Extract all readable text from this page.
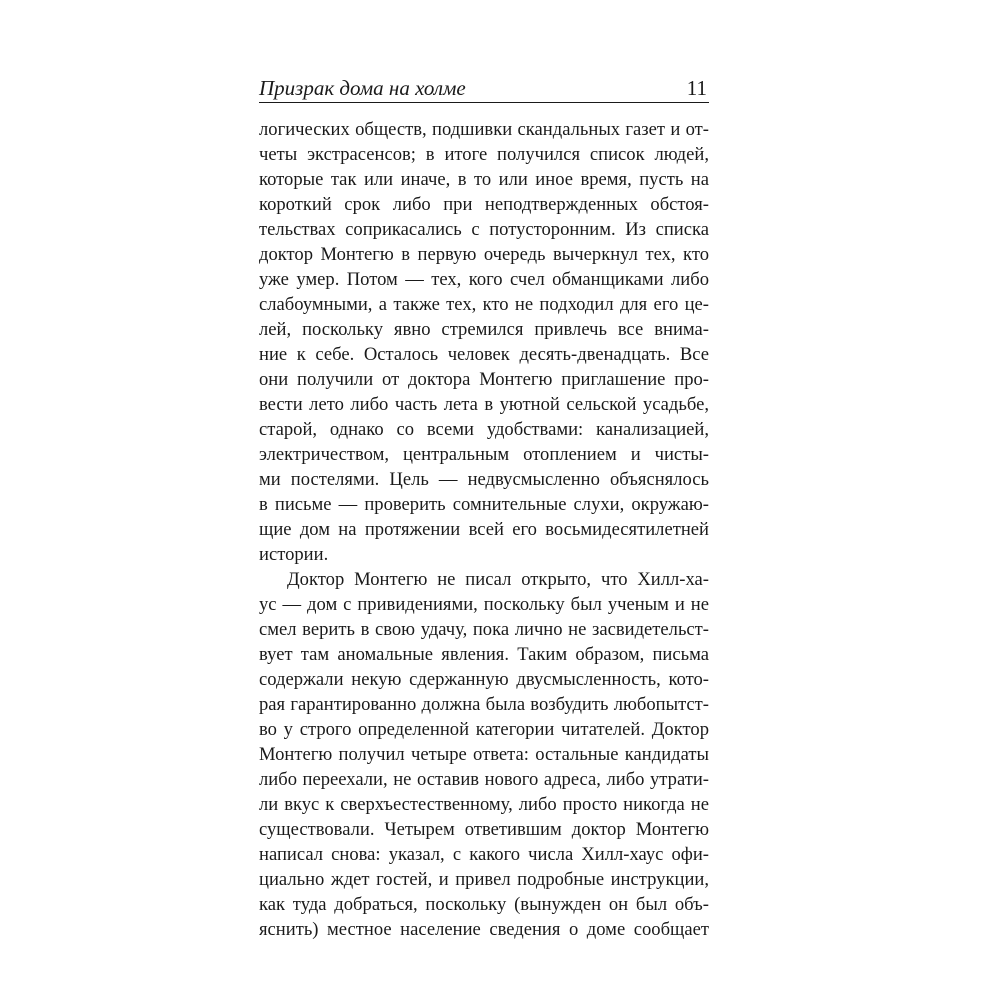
Призрак дома на холме	11
логических обществ, подшивки скандальных газет и от-
четы экстрасенсов; в итоге получился список людей,
которые так или иначе, в то или иное время, пусть на
короткий срок либо при неподтвержденных обстоя-
тельствах соприкасались с потусторонним. Из списка
доктор Монтегю в первую очередь вычеркнул тех, кто
уже умер. Потом — тех, кого счел обманщиками либо
слабоумными, а также тех, кто не подходил для его це-
лей, поскольку явно стремился привлечь все внима-
ние к себе. Осталось человек десять-двенадцать. Все
они получили от доктора Монтегю приглашение про-
вести лето либо часть лета в уютной сельской усадьбе,
старой, однако со всеми удобствами: канализацией,
электричеством, центральным отоплением и чисты-
ми постелями. Цель — недвусмысленно объяснялось
в письме — проверить сомнительные слухи, окружаю-
щие дом на протяжении всей его восьмидесятилетней
истории.
Доктор Монтегю не писал открыто, что Хилл-ха-
ус — дом с привидениями, поскольку был ученым и не
смел верить в свою удачу, пока лично не засвидетельст-
вует там аномальные явления. Таким образом, письма
содержали некую сдержанную двусмысленность, кото-
рая гарантированно должна была возбудить любопытст-
во у строго определенной категории читателей. Доктор
Монтегю получил четыре ответа: остальные кандидаты
либо переехали, не оставив нового адреса, либо утрати-
ли вкус к сверхъестественному, либо просто никогда не
существовали. Четырем ответившим доктор Монтегю
написал снова: указал, с какого числа Хилл-хаус офи-
циально ждет гостей, и привел подробные инструкции,
как туда добраться, поскольку (вынужден он был объ-
яснить) местное население сведения о доме сообщает
